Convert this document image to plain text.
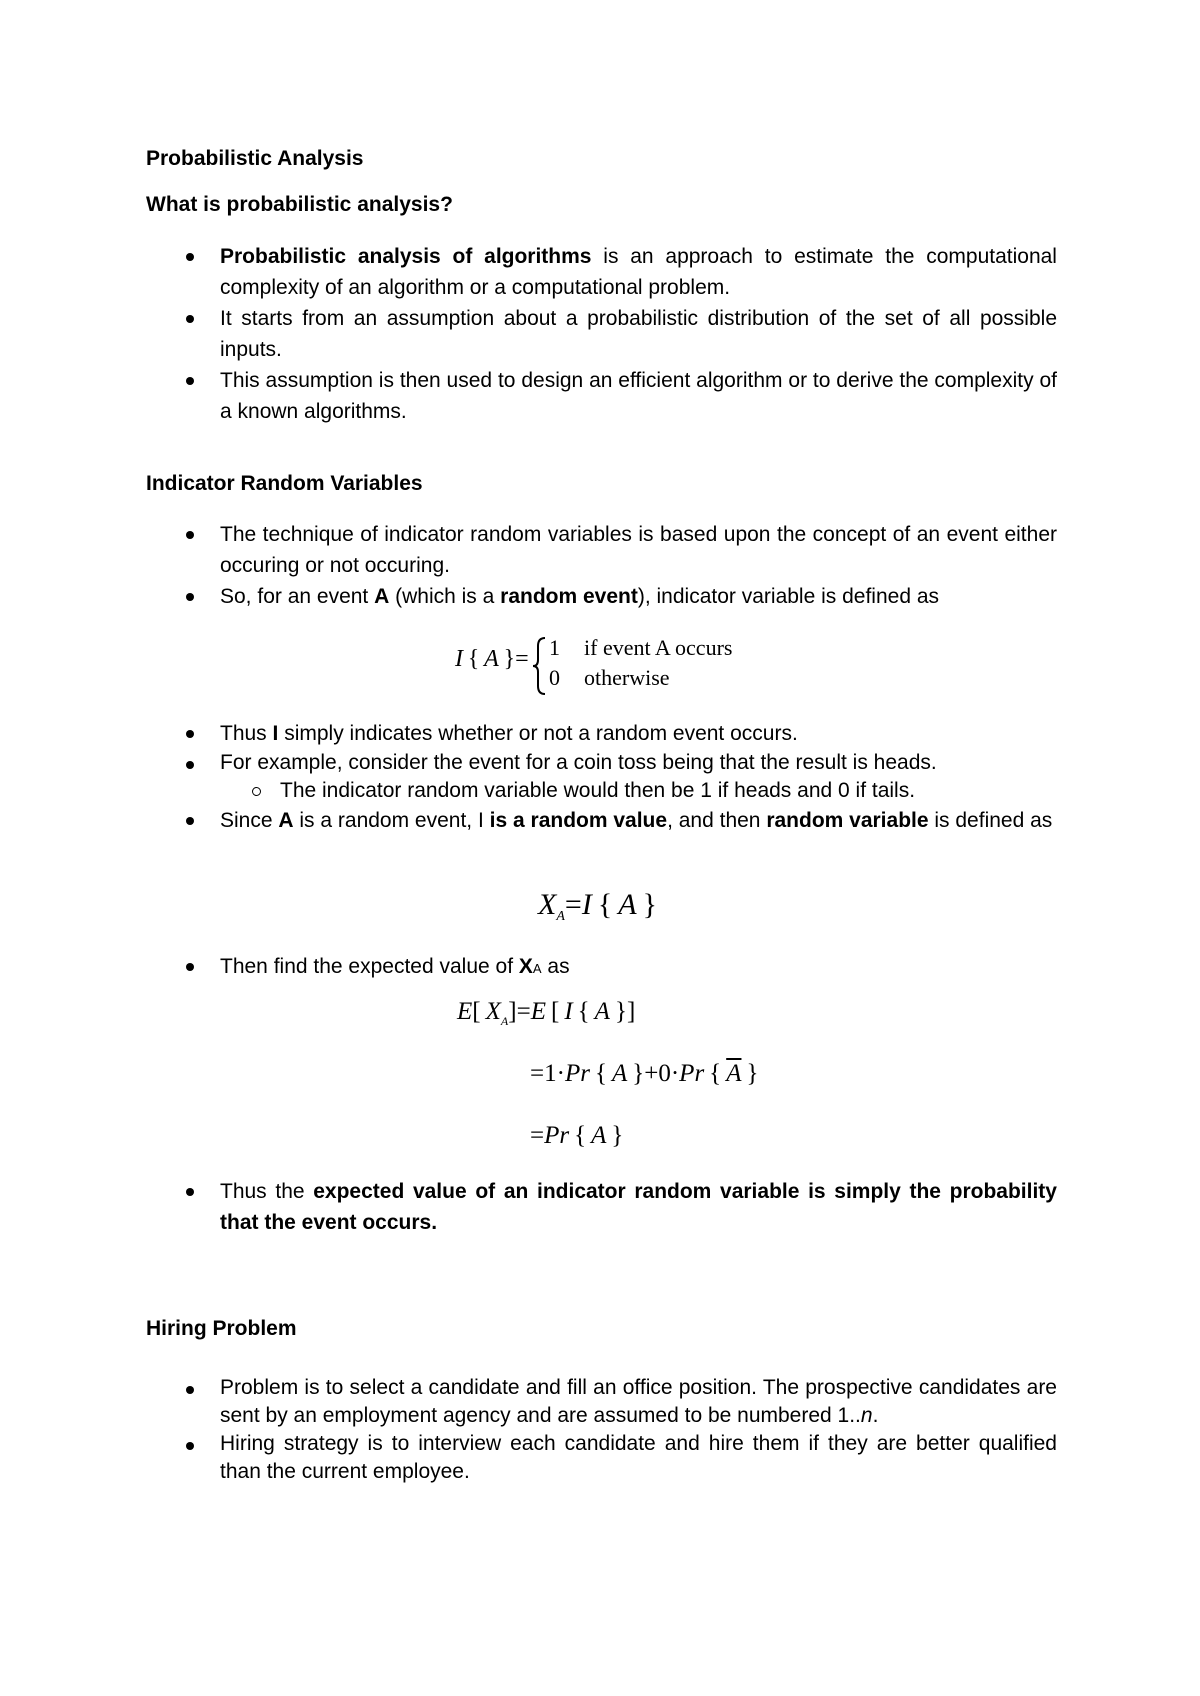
Probabilistic Analysis
What is probabilistic analysis?
Probabilistic analysis of algorithms is an approach to estimate the computational complexity of an algorithm or a computational problem.
It starts from an assumption about a probabilistic distribution of the set of all possible inputs.
This assumption is then used to design an efficient algorithm or to derive the complexity of a known algorithms.
Indicator Random Variables
The technique of indicator random variables is based upon the concept of an event either occuring or not occuring.
So, for an event A (which is a random event), indicator variable is defined as
I { A }= 1 if event A occurs
0 otherwise
Thus I simply indicates whether or not a random event occurs.
For example, consider the event for a coin toss being that the result is heads.
The indicator random variable would then be 1 if heads and 0 if tails.
Since A is a random event, I is a random value, and then random variable is defined as
$X_A=I$ { A }
Then find the expected value of XA as
E[ $X_A]=E$ [ I { A }]
=1·Pr { A }+0·Pr { $\overline{A}$ }
=Pr { A }
Thus the expected value of an indicator random variable is simply the probability that the event occurs.
Hiring Problem
Problem is to select a candidate and fill an office position. The prospective candidates are sent by an employment agency and are assumed to be numbered 1..n.
Hiring strategy is to interview each candidate and hire them if they are better qualified than the current employee.
